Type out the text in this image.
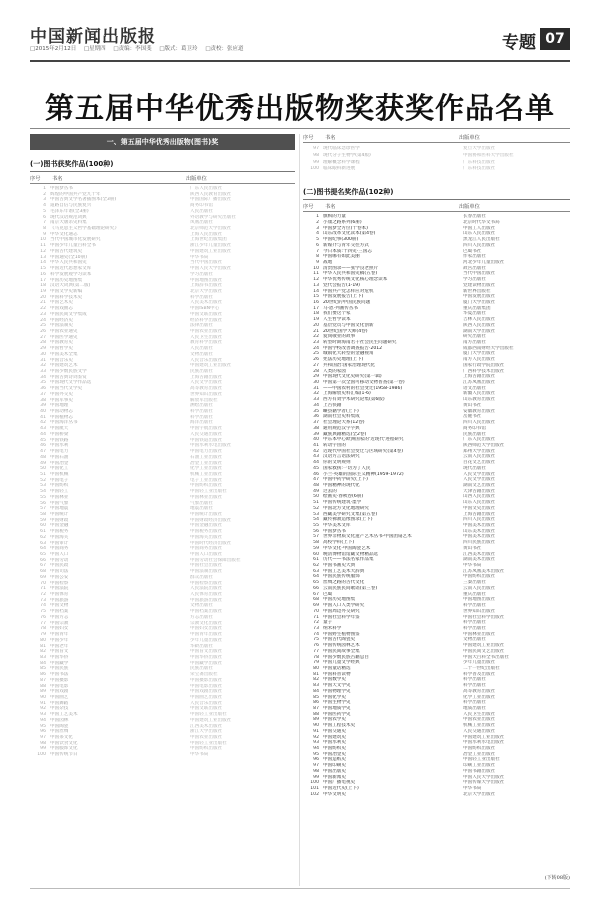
中国新闻出版报
□2015年2月12日 □星期四 □责编：李国斐 □版式：葛卫玲 □责校：张应道	专题 07
第五届中华优秀出版物奖获奖作品名单
一、第五届中华优秀出版物(图书)奖
(一)图书获奖作品(100种)
序号	书名	出版单位
1 中国梦丛书	广东人民出版社
2 辉煌的中国共产党九十年	陕西人民教育出版社
3 中国古典文学名著插图本(全3册)	中国国际广播出版社
4 道路自信与民族复兴	商务印书馆
5 毛泽东年谱(全3册)	人民出版社
6 现代汉语规范词典	外语教学与研究出版社
7 南京大屠杀史料集	凤凰出版社
8 《马克思主义哲学基础理论研究》	北京师范大学出版社
9 中华文化通志	上海人民出版社
10 当代中国城市化发展研究	上海世纪出版集团
11 中国少年儿童百科全书	浙江少年儿童出版社
12 中国古代建筑史	中国建筑工业出版社
13 中国通史(全10册)	中华书局
14 中华人民共和国史	当代中国出版社
15 中国近代思想家文库	中国人民大学出版社
16 科学发展观学习读本	学习出版社
17 中国历史地图集	中国地图出版社
18 汉语大词典(第二版)	上海辞书出版社
19 中国文学史新编	北京大学出版社
20 中国科学技术史	科学出版社
21 中国艺术史	人民美术出版社
22 中国戏曲志	中国ISBN中心
23 中国民间文学集成	中国文联出版社
24 中国经济史	经济科学出版社
25 中国法制史	法律出版社
26 中国农业通史	中国农业出版社
27 中国医学通史	人民卫生出版社
28 中国教育史	教育科学出版社
29 中国哲学史	人民出版社
30 中国美术全集	文物出版社
31 中国音乐史	人民音乐出版社
32 中国建筑艺术	中国建筑工业出版社
33 中国少数民族文学	民族出版社
34 中国古典诗词鉴赏	上海古籍出版社
35 中国现代文学作品选	人民文学出版社
36 中国当代文学史	高等教育出版社
37 中国外交史	世界知识出版社
38 中国军事史	解放军出版社
39 中国地理	测绘出版社
40 中国动物志	科学出版社
41 中国植物志	科学出版社
42 中国海洋丛书	海洋出版社
43 中国航天	中国宇航出版社
44 中国桥梁	人民交通出版社
45 中国铁路	中国铁道出版社
46 中国水利	中国水利水电出版社
47 中国电力	中国电力出版社
48 中国石油	石油工业出版社
49 中国冶金	冶金工业出版社
50 中国化工	化学工业出版社
51 中国机械	机械工业出版社
52 中国电子	电子工业出版社
53 中国纺织	中国纺织出版社
54 中国轻工	中国轻工业出版社
55 中国林业	中国林业出版社
56 中国气象	气象出版社
57 中国地震	地震出版社
58 中国统计	中国统计出版社
59 中国财政	中国财政经济出版社
60 中国金融	中国金融出版社
61 中国税务	中国税务出版社
62 中国海关	中国海关出版社
63 中国审计	中国时代经济出版社
64 中国商务	中国商务出版社
65 中国人口	中国人口出版社
66 中国劳动	中国劳动社会保障出版社
67 中国民政	中国社会出版社
68 中国司法	中国法制出版社
69 中国公安	群众出版社
70 中国检察	中国检察出版社
71 中国法院	人民法院出版社
72 中国体育	人民体育出版社
73 中国旅游	中国旅游出版社
74 中国文物	文物出版社
75 中国档案	中国档案出版社
76 中国方志	方志出版社
77 中国宗教	宗教文化出版社
78 中国妇女	中国妇女出版社
79 中国青年	中国青年出版社
80 中国少年	少年儿童出版社
81 中国老年	华龄出版社
82 中国盲文	中国盲文出版社
83 中国华侨	中国华侨出版社
84 中国藏学	中国藏学出版社
85 中国民族	民族出版社
86 中国书法	荣宝斋出版社
87 中国摄影	中国摄影出版社
88 中国电影	中国电影出版社
89 中国戏剧	中国戏剧出版社
90 中国曲艺	中国曲艺出版社
91 中国舞蹈	人民音乐出版社
92 中国杂技	中国文联出版社
93 中国工艺美术	中国轻工业出版社
94 中国园林	中国建筑工业出版社
95 中国陶瓷	江西美术出版社
96 中国丝绸	浙江大学出版社
97 中国茶文化	中国农业出版社
98 中国饮食文化	中国轻工业出版社
99 中国服饰文化	中国纺织出版社
100 中国传统节日	中华书局
序号	书名	出版单位
97 现代临床急诊医学	复旦大学出版社
98 现代分子生物学(第4版)	中国协和医科大学出版社
99 理解概念科学课程	广东科技出版社
100 临床眼科新进展	广东科技出版社
(二)图书提名奖作品(102种)
序号	书名	出版单位
1 旗帜的力量	长春出版社
2 小康之路系列(6册)	北京时代华文书局
3 中国梦全方位(十卷本)	中国工人出版社
4 山东改革文化读本(第4卷)	山东人民出版社
5 中国纪事(300册)	黑龙江人民出版社
6 新媒介与青年交往方式	四川人民出版社
7 今日本质:十四史·三国志	巴蜀书社
8 中国哪有如此美丽	作家出版社
9 战地	河北少年儿童出版社
10 清贵图录——张学良老照片	故宫出版社
11 中华人民共和国史稿(五卷)	当代中国出版社
12 中华优秀传统文化核心理念读本	学习出版社
13 党代会报告(1-19)	党建读物出版社
14 中国共产党怎样应对危机	新世界出版社
15 中国发展报告(上下)	中国发展出版社
16 20世纪的中国民族问题	厦门大学出版社
17 马·恩·列画传丛书	重庆出版集团
18 我们要这个家	华夏出版社
19 人生哲学读本	吉林人民出版社
20 基层党员与中国文化创新	陕西人民出版社
21 20世纪国学大师(4卷)	湖南大学出版社
22 爱岗敬业的故事	研究出版社
23 转型时期海南若干社会民生问题研究	南方出版社
24 中国学校改善调查报告·2012	成都西南财经大学出版社
25 城镇化大转型的金融视角	厦门大学出版社
26 宪法历史地理(上下)	南方人民出版社
27 共和国治:国家治理现代化	国家行政学院出版社
28 人类的家园	广西科学技术出版社
29 中国现代文化史研究(第一辑)	上海古籍出版社
30 中国第一次全国可移动文物普查(第一卷)	江苏凤凰出版社
31 ——中国农村的社会变迁(1958-1986)	语文出版社
32 上海解放史料汇编(1-6)	新疆人民出版社
33 西方有效学术研究论集(第6版)	山东教育出版社
34 上古佚籍	黄山书社
35 嵊县籍学者(上下)	安徽教育出版社
36 湖南社会史料集成	岳麓书社
37 社会理论大系(12卷)	四川人民出版社
38 通用规范汉字字典	商务印书馆
39 藏族典籍精选(全2卷)	民族出版社
40 中东本中心欧洲国家的'近现代'进程研究	广东人民出版社
41 转动宇宙的	陕西师范大学出版社
42 近现代中国社会变迁与区域研究(第4卷)	郑州大学出版社
43 汉语方言语法研究	云南人民出版社
44 你的文明规则	百花文艺出版社
45 国家救援:一切为了人民	现代出版社
46 小兰·英雄的国际主义精神(1959-1972)	人民文学出版社
47 中国中药学研究(上下)	人民文学出版社
48 中国精神的现代化	湖南文艺出版社
49 过去的	天津古籍出版社
50 绘画史·春秋卷(6册)	山西人民出版社
51 中国传统建筑·墨学	山东人民出版社
52 中国北方文化地理研究	中国文史出版社
53 西藏美学研究文集(第五卷)	上海古籍出版社
54 藏传佛教造像图录(上下)	四川人民出版社
55 中华美术文库	中国美术出版社
56 中国梦丛书	山东美术出版社
57 世界非物质文化遗产艺术丛书·中国团扇艺术	中国美术出版社
58 高校学科(上下)	四川民族出版社
59 中华文化·中国陶瓷艺术	黄山书社
60 晚清博物馆馆藏文物精品选	江西美术出版社
61 历代——书法名家作品集	湖南美术出版社
62 中国书画史大典	中华书局
63 中国工艺美术大辞典	江苏凤凰美术出版社
64 中国民族传统服饰	中国纺织出版社
65 丝绸之路的古代文化	三秦出版社
66 云南民族民间歌谣(第三卷)	云南人民出版社
67 巴蜀	重庆出版社
68 中国历史地图集	中国地图出版社
69 中国人口人类学研究	科学出版社
70 中国周边外交研究	世界知识出版社
71 中国社会科学年鉴	中国社会科学出版社
72 量子	科学出版社
73 纳米科学	科学出版社
74 中国野生植物图鉴	中国林业出版社
75 中国古代陶瓷史	文物出版社
76 中国传统园林艺术	中国建筑工业出版社
77 中国民间故事全集	中国民间文艺出版社
78 中国少数民族古籍总目	中国大百科全书出版社
79 中国儿童文学经典	少年儿童出版社
80 中国童话精选	二十一世纪出版社
81 中国科普读物	科学普及出版社
82 中国数学史	科学出版社
83 中国天文学史	科学出版社
84 中国物理学史	高等教育出版社
85 中国化学史	化学工业出版社
86 中国生物学史	科学出版社
87 中国地质学史	地质出版社
88 中国医药学史	人民卫生出版社
89 中国农学史	中国农业出版社
90 中国工程技术史	机械工业出版社
91 中国交通史	人民交通出版社
92 中国建筑史	中国建筑工业出版社
93 中国水利史	中国水利水电出版社
94 中国纺织史	中国纺织出版社
95 中国冶金史	冶金工业出版社
96 中国造纸史	中国轻工业出版社
97 中国印刷史	印刷工业出版社
98 中国出版史	中国书籍出版社
99 中国新闻史	中国人民大学出版社
100 中国广播电视史	中国传媒大学出版社
101 中国近代史(上下)	中华书局
102 中华文明史	北京大学出版社
(下转08版)
